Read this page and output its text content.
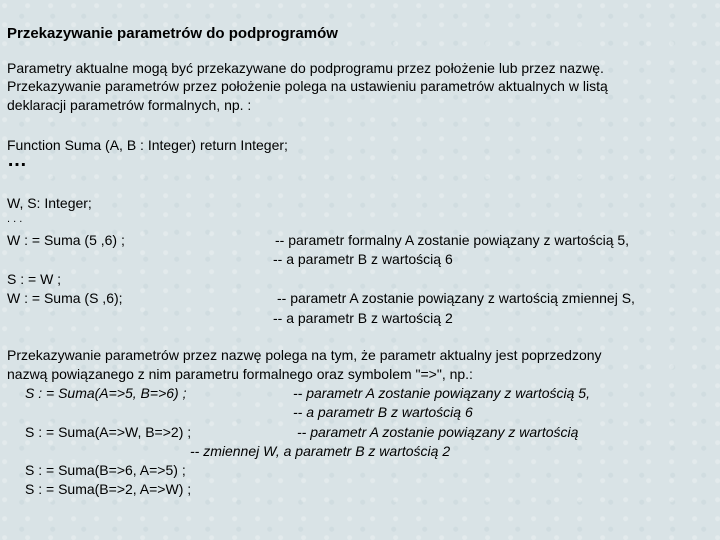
Przekazywanie parametrów do podprogramów
Parametry aktualne mogą być przekazywane do podprogramu przez położenie lub przez nazwę.
Przekazywanie parametrów przez położenie polega na ustawieniu parametrów aktualnych w listą
deklaracji parametrów formalnych, np. :
Function Suma (A, B : Integer) return Integer;
…
W, S: Integer;
. . .
W : = Suma (5 ,6) ;	-- parametr formalny A zostanie powiązany z wartością 5,
-- a parametr B z wartością 6
S : = W ;
W : = Suma (S ,6);	-- parametr A zostanie powiązany z wartością zmiennej S,
-- a parametr B z wartością 2
Przekazywanie parametrów przez nazwę polega na tym, że parametr aktualny jest poprzedzony
nazwą powiązanego z nim parametru formalnego oraz symbolem "=>", np.:
S : = Suma(A=>5, B=>6) ;	-- parametr A zostanie powiązany z wartością 5,
-- a parametr B z wartością 6
S : = Suma(A=>W, B=>2) ;	-- parametr A zostanie powiązany z wartością
-- zmiennej W, a parametr B z wartością 2
S : = Suma(B=>6, A=>5) ;
S : = Suma(B=>2, A=>W) ;
